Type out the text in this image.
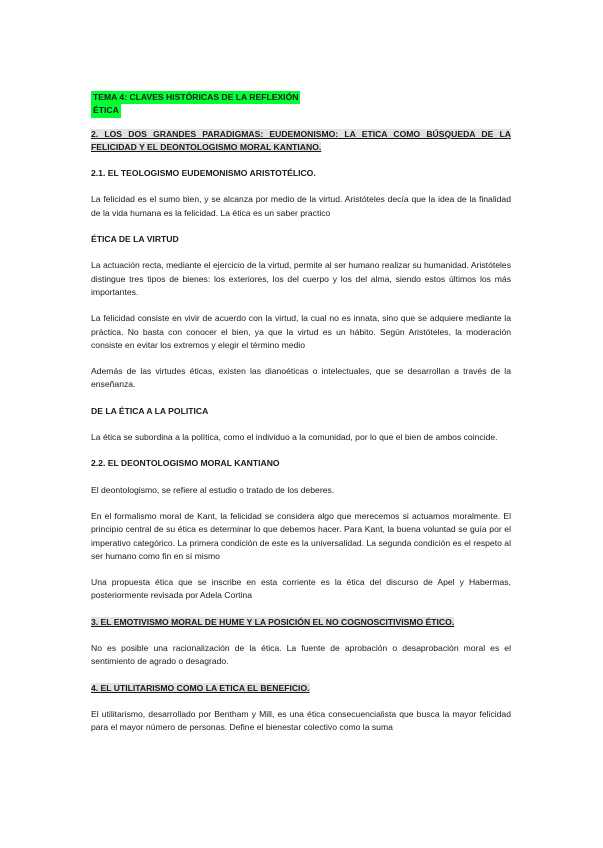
TEMA 4: CLAVES HISTÓRICAS DE LA REFLEXIÓN
ÉTICA

2. LOS DOS GRANDES PARADIGMAS: EUDEMONISMO: LA ETICA COMO BÚSQUEDA DE LA FELICIDAD Y EL DEONTOLOGISMO MORAL KANTIANO.

2.1. EL TEOLOGISMO EUDEMONISMO ARISTOTÉLICO.

La felicidad es el sumo bien, y se alcanza por medio de la virtud. Aristóteles decía que la idea de la finalidad de la vida humana es la felicidad. La ética es un saber practico

ÉTICA DE LA VIRTUD

La actuación recta, mediante el ejercicio de la virtud, permite al ser humano realizar su humanidad. Aristóteles distingue tres tipos de bienes: los exteriores, los del cuerpo y los del alma, siendo estos últimos los más importantes.

La felicidad consiste en vivir de acuerdo con la virtud, la cual no es innata, sino que se adquiere mediante la práctica. No basta con conocer el bien, ya que la virtud es un hábito. Según Aristóteles, la moderación consiste en evitar los extremos y elegir el término medio

Además de las virtudes éticas, existen las dianoéticas o intelectuales, que se desarrollan a través de la enseñanza.

DE LA ÉTICA A LA POLITICA

La ética se subordina a la política, como el individuo a la comunidad, por lo que el bien de ambos coincide.

2.2. EL DEONTOLOGISMO MORAL KANTIANO

El deontologismo, se refiere al estudio o tratado de los deberes.

En el formalismo moral de Kant, la felicidad se considera algo que merecemos si actuamos moralmente. El principio central de su ética es determinar lo que debemos hacer. Para Kant, la buena voluntad se guía por el imperativo categórico. La primera condición de este es la universalidad. La segunda condición es el respeto al ser humano como fin en sí mismo

Una propuesta ética que se inscribe en esta corriente es la ética del discurso de Apel y Habermas, posteriormente revisada por Adela Cortina

3. EL EMOTIVISMO MORAL DE HUME Y LA POSICIÓN EL NO COGNOSCITIVISMO ÉTICO.

No es posible una racionalización de la ética. La fuente de aprobación o desaprobación moral es el sentimiento de agrado o desagrado.

4. EL UTILITARISMO COMO LA ETICA EL BENEFICIO.

El utilitarismo, desarrollado por Bentham y Mill, es una ética consecuencialista que busca la mayor felicidad para el mayor número de personas. Define el bienestar colectivo como la suma
